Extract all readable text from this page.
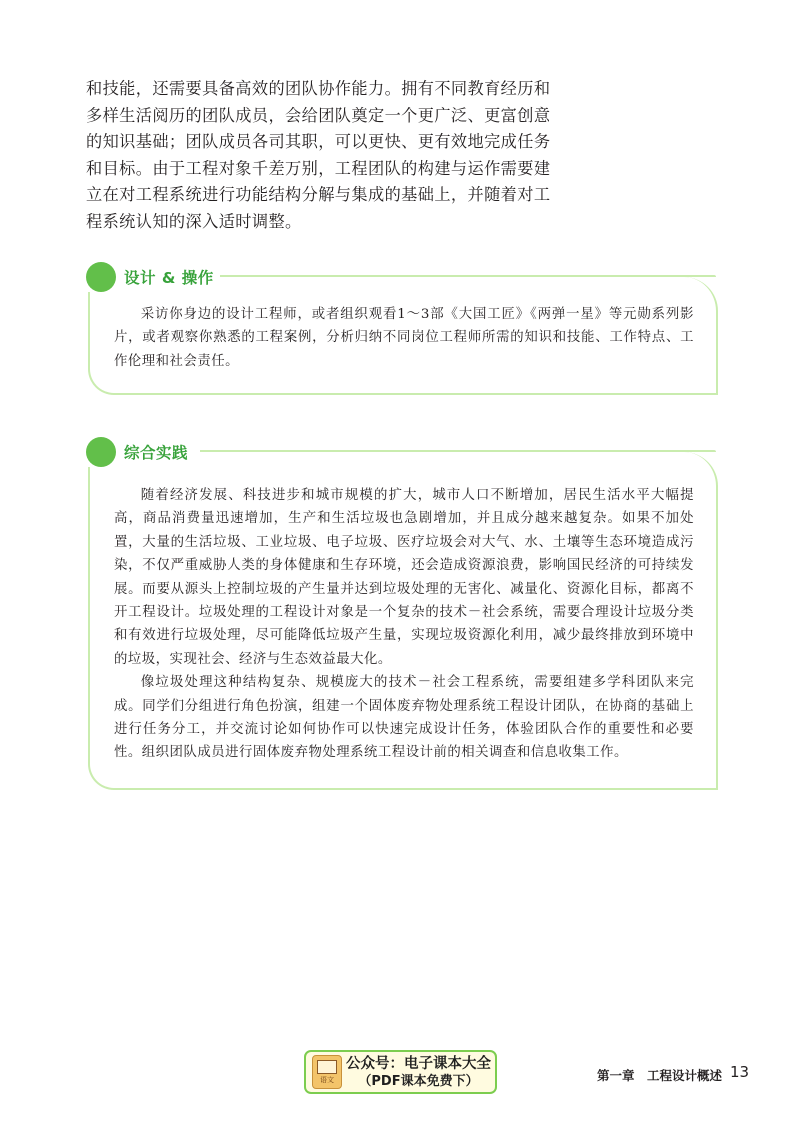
和技能，还需要具备高效的团队协作能力。拥有不同教育经历和多样生活阅历的团队成员，会给团队奠定一个更广泛、更富创意的知识基础；团队成员各司其职，可以更快、更有效地完成任务和目标。由于工程对象千差万别，工程团队的构建与运作需要建立在对工程系统进行功能结构分解与集成的基础上，并随着对工程系统认知的深入适时调整。

设计 & 操作

采访你身边的设计工程师，或者组织观看1～3部《大国工匠》《两弹一星》等元勋系列影片，或者观察你熟悉的工程案例，分析归纳不同岗位工程师所需的知识和技能、工作特点、工作伦理和社会责任。

综合实践

随着经济发展、科技进步和城市规模的扩大，城市人口不断增加，居民生活水平大幅提高，商品消费量迅速增加，生产和生活垃圾也急剧增加，并且成分越来越复杂。如果不加处置，大量的生活垃圾、工业垃圾、电子垃圾、医疗垃圾会对大气、水、土壤等生态环境造成污染，不仅严重威胁人类的身体健康和生存环境，还会造成资源浪费，影响国民经济的可持续发展。而要从源头上控制垃圾的产生量并达到垃圾处理的无害化、减量化、资源化目标，都离不开工程设计。垃圾处理的工程设计对象是一个复杂的技术－社会系统，需要合理设计垃圾分类和有效进行垃圾处理，尽可能降低垃圾产生量，实现垃圾资源化利用，减少最终排放到环境中的垃圾，实现社会、经济与生态效益最大化。

像垃圾处理这种结构复杂、规模庞大的技术－社会工程系统，需要组建多学科团队来完成。同学们分组进行角色扮演，组建一个固体废弃物处理系统工程设计团队，在协商的基础上进行任务分工，并交流讨论如何协作可以快速完成设计任务，体验团队合作的重要性和必要性。组织团队成员进行固体废弃物处理系统工程设计前的相关调查和信息收集工作。

语文
公众号：电子课本大全
（PDF课本免费下）	第一章　工程设计概述 13
